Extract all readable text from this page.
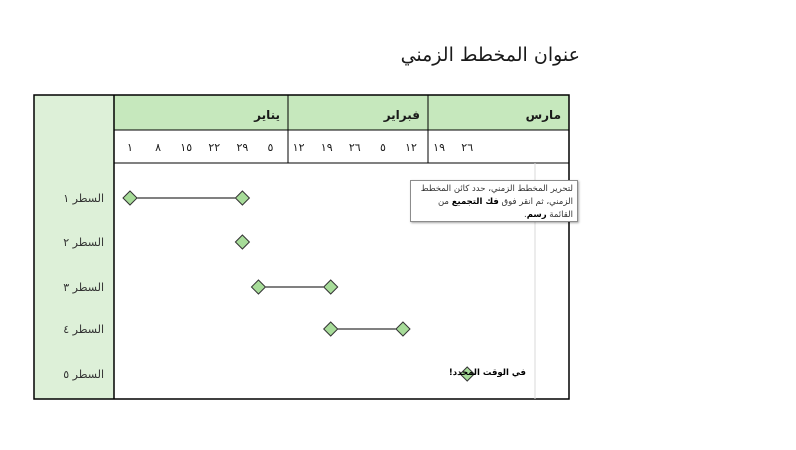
عنوان المخطط الزمني
يناير	فبراير	مارس
١ ٨ ١٥ ٢٢ ٢٩ ٥ ١٢ ١٩ ٢٦ ٥ ١٢ ١٩ ٢٦
السطر ١
السطر ٢
السطر ٣
السطر ٤
السطر ٥
لتحرير المخطط الزمني، حدد كائن المخطط
الزمني، ثم انقر فوق فك التجميع من القائمة رسم.
في الوقت المحدد!
